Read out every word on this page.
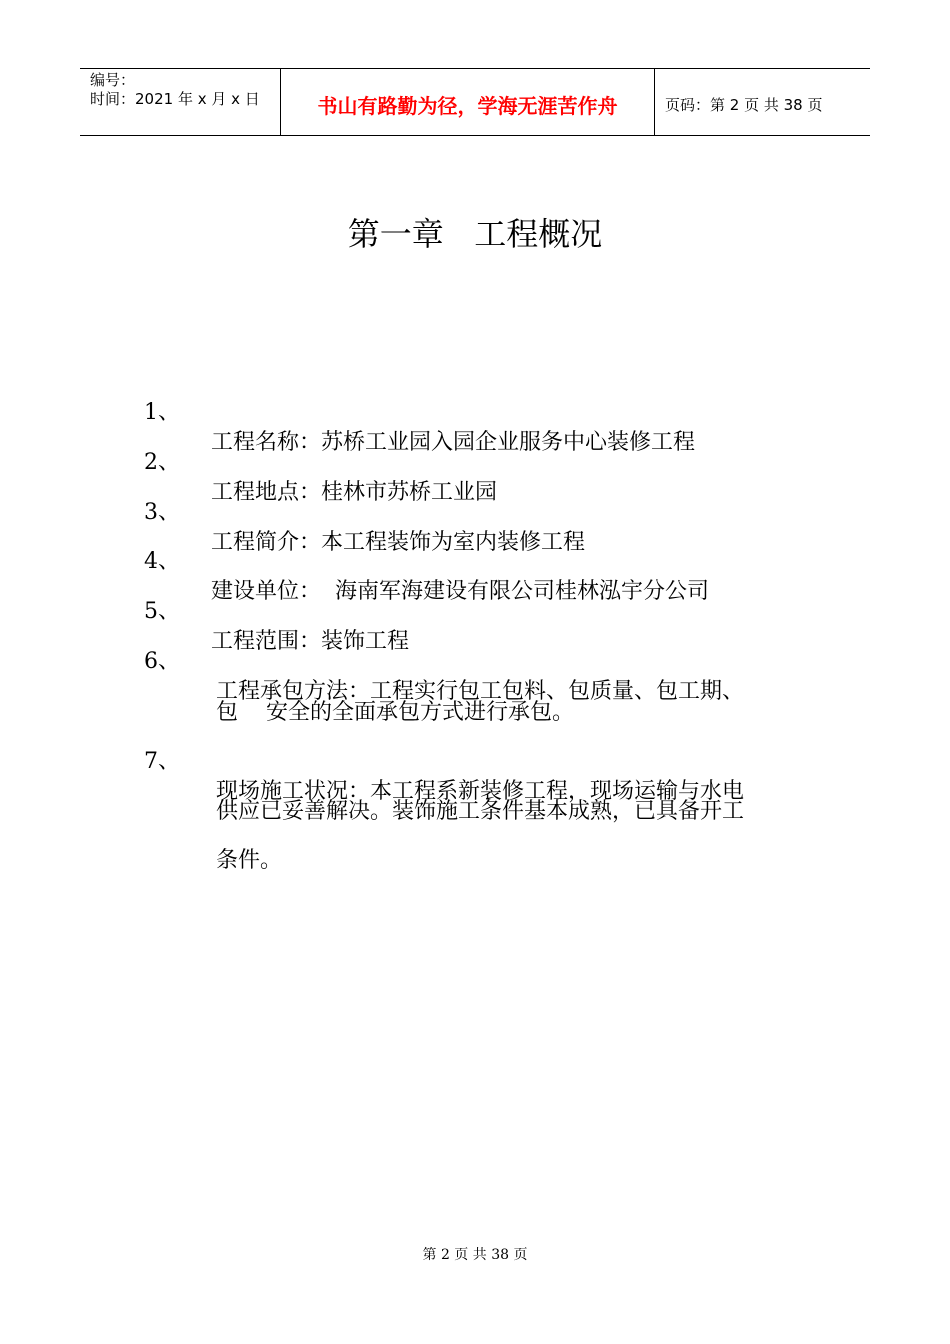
编号：
时间：2021 年 x 月 x 日	书山有路勤为径，学海无涯苦作舟	页码：第 2 页 共 38 页
第一章   工程概况

1、

工程名称：苏桥工业园入园企业服务中心装修工程

2、

工程地点：桂林市苏桥工业园

3、

工程简介：本工程装饰为室内装修工程

4、

建设单位：  海南军海建设有限公司桂林泓宇分公司

5、

工程范围：装饰工程

6、

工程承包方法：工程实行包工包料、包质量、包工期、

包    安全的全面承包方式进行承包。

7、

现场施工状况：本工程系新装修工程，现场运输与水电

供应已妥善解决。装饰施工条件基本成熟，已具备开工

条件。

第 2 页 共 38 页
